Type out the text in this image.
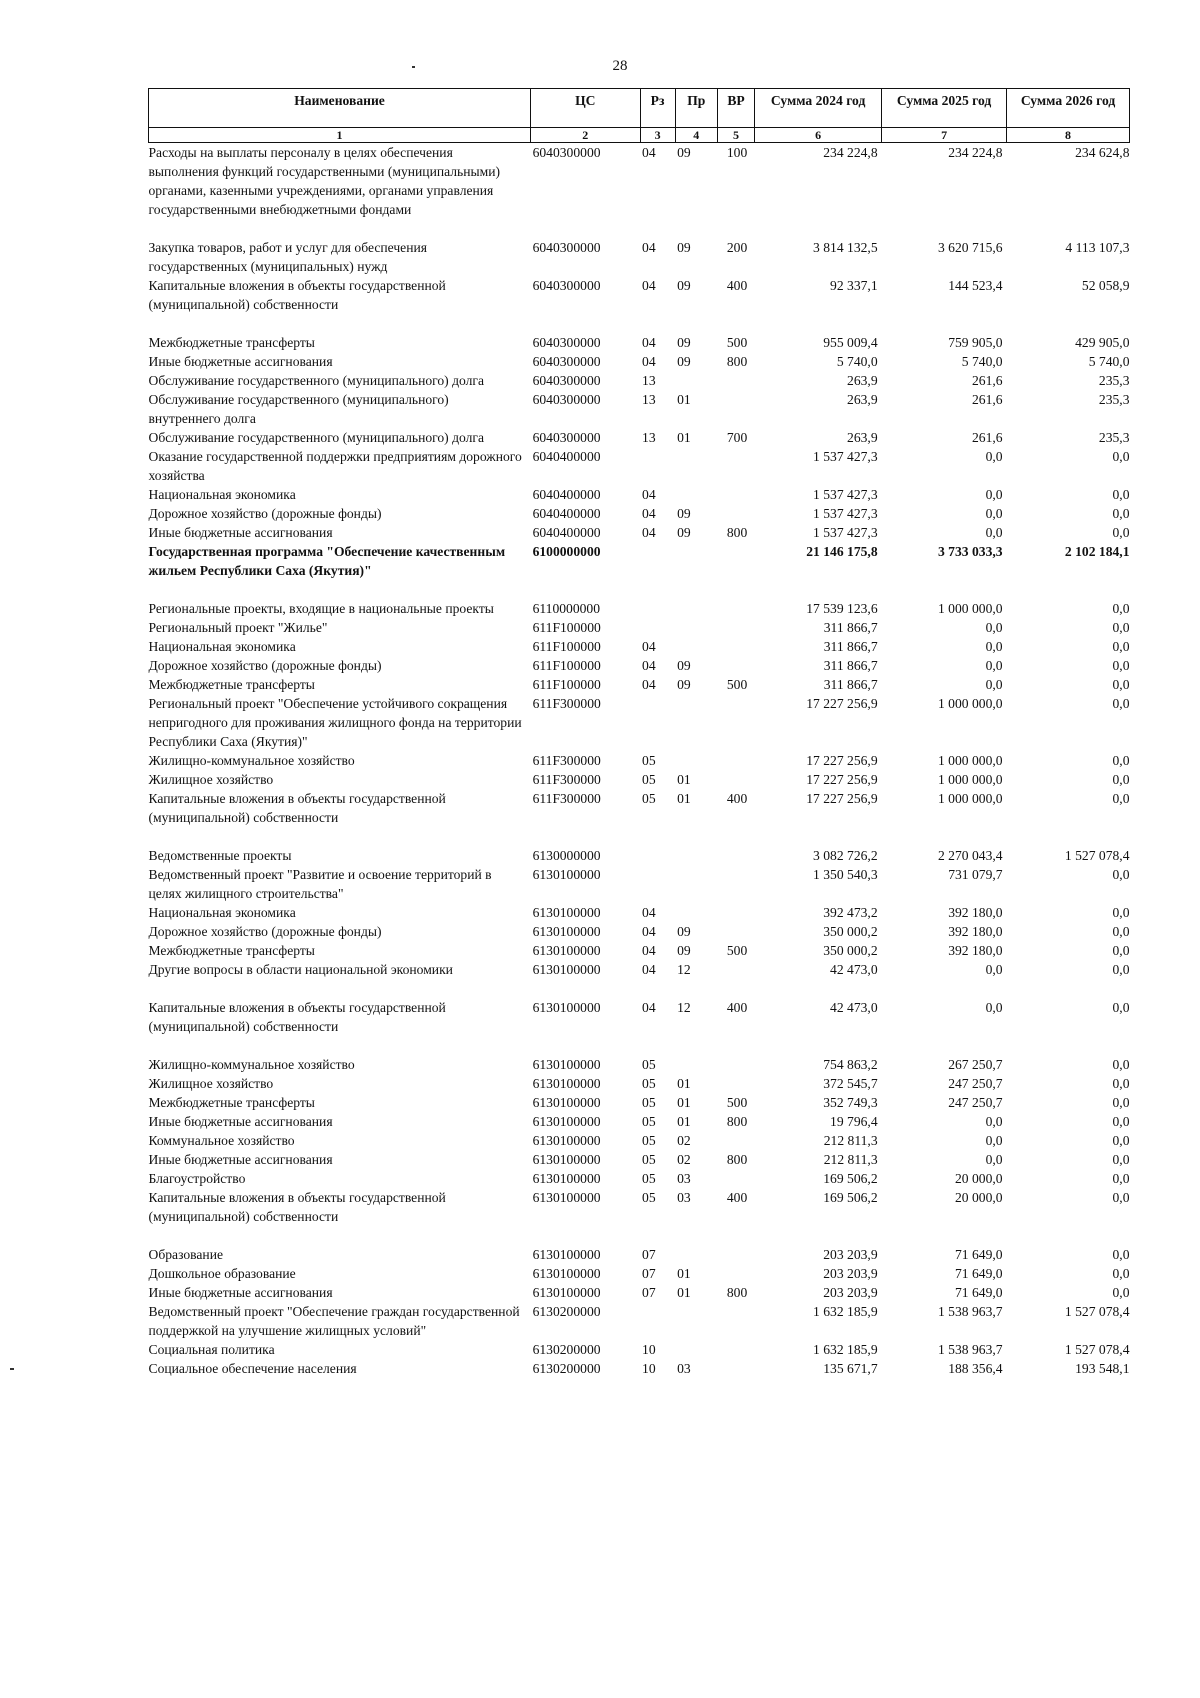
28
Наименование	ЦС	Рз	Пр	ВР	Сумма 2024 год	Сумма 2025 год	Сумма 2026 год
1	2	3	4	5	6	7	8
Расходы на выплаты персоналу в целях обеспечения выполнения функций государственными (муниципальными) органами, казенными учреждениями, органами управления государственными внебюджетными фондами	6040300000	04	09	100	234 224,8	234 224,8	234 624,8

Закупка товаров, работ и услуг для обеспечения государственных (муниципальных) нужд	6040300000	04	09	200	3 814 132,5	3 620 715,6	4 113 107,3
Капитальные вложения в объекты государственной (муниципальной) собственности	6040300000	04	09	400	92 337,1	144 523,4	52 058,9

Межбюджетные трансферты	6040300000	04	09	500	955 009,4	759 905,0	429 905,0
Иные бюджетные ассигнования	6040300000	04	09	800	5 740,0	5 740,0	5 740,0
Обслуживание государственного (муниципального) долга	6040300000	13			263,9	261,6	235,3
Обслуживание государственного (муниципального) внутреннего долга	6040300000	13	01		263,9	261,6	235,3
Обслуживание государственного (муниципального) долга	6040300000	13	01	700	263,9	261,6	235,3
Оказание государственной поддержки предприятиям дорожного хозяйства	6040400000				1 537 427,3	0,0	0,0
Национальная экономика	6040400000	04			1 537 427,3	0,0	0,0
Дорожное хозяйство (дорожные фонды)	6040400000	04	09		1 537 427,3	0,0	0,0
Иные бюджетные ассигнования	6040400000	04	09	800	1 537 427,3	0,0	0,0
Государственная программа "Обеспечение качественным жильем Республики Саха (Якутия)"	6100000000				21 146 175,8	3 733 033,3	2 102 184,1

Региональные проекты, входящие в национальные проекты	6110000000				17 539 123,6	1 000 000,0	0,0
Региональный проект "Жилье"	611F100000				311 866,7	0,0	0,0
Национальная экономика	611F100000	04			311 866,7	0,0	0,0
Дорожное хозяйство (дорожные фонды)	611F100000	04	09		311 866,7	0,0	0,0
Межбюджетные трансферты	611F100000	04	09	500	311 866,7	0,0	0,0
Региональный проект "Обеспечение устойчивого сокращения непригодного для проживания жилищного фонда на территории Республики Саха (Якутия)"	611F300000				17 227 256,9	1 000 000,0	0,0
Жилищно-коммунальное хозяйство	611F300000	05			17 227 256,9	1 000 000,0	0,0
Жилищное хозяйство	611F300000	05	01		17 227 256,9	1 000 000,0	0,0
Капитальные вложения в объекты государственной (муниципальной) собственности	611F300000	05	01	400	17 227 256,9	1 000 000,0	0,0

Ведомственные проекты	6130000000				3 082 726,2	2 270 043,4	1 527 078,4
Ведомственный проект "Развитие и освоение территорий в целях жилищного строительства"	6130100000				1 350 540,3	731 079,7	0,0
Национальная экономика	6130100000	04			392 473,2	392 180,0	0,0
Дорожное хозяйство (дорожные фонды)	6130100000	04	09		350 000,2	392 180,0	0,0
Межбюджетные трансферты	6130100000	04	09	500	350 000,2	392 180,0	0,0
Другие вопросы в области национальной экономики	6130100000	04	12		42 473,0	0,0	0,0

Капитальные вложения в объекты государственной (муниципальной) собственности	6130100000	04	12	400	42 473,0	0,0	0,0

Жилищно-коммунальное хозяйство	6130100000	05			754 863,2	267 250,7	0,0
Жилищное хозяйство	6130100000	05	01		372 545,7	247 250,7	0,0
Межбюджетные трансферты	6130100000	05	01	500	352 749,3	247 250,7	0,0
Иные бюджетные ассигнования	6130100000	05	01	800	19 796,4	0,0	0,0
Коммунальное хозяйство	6130100000	05	02		212 811,3	0,0	0,0
Иные бюджетные ассигнования	6130100000	05	02	800	212 811,3	0,0	0,0
Благоустройство	6130100000	05	03		169 506,2	20 000,0	0,0
Капитальные вложения в объекты государственной (муниципальной) собственности	6130100000	05	03	400	169 506,2	20 000,0	0,0

Образование	6130100000	07			203 203,9	71 649,0	0,0
Дошкольное образование	6130100000	07	01		203 203,9	71 649,0	0,0
Иные бюджетные ассигнования	6130100000	07	01	800	203 203,9	71 649,0	0,0
Ведомственный проект "Обеспечение граждан государственной поддержкой на улучшение жилищных условий"	6130200000				1 632 185,9	1 538 963,7	1 527 078,4
Социальная политика	6130200000	10			1 632 185,9	1 538 963,7	1 527 078,4
Социальное обеспечение населения	6130200000	10	03		135 671,7	188 356,4	193 548,1
